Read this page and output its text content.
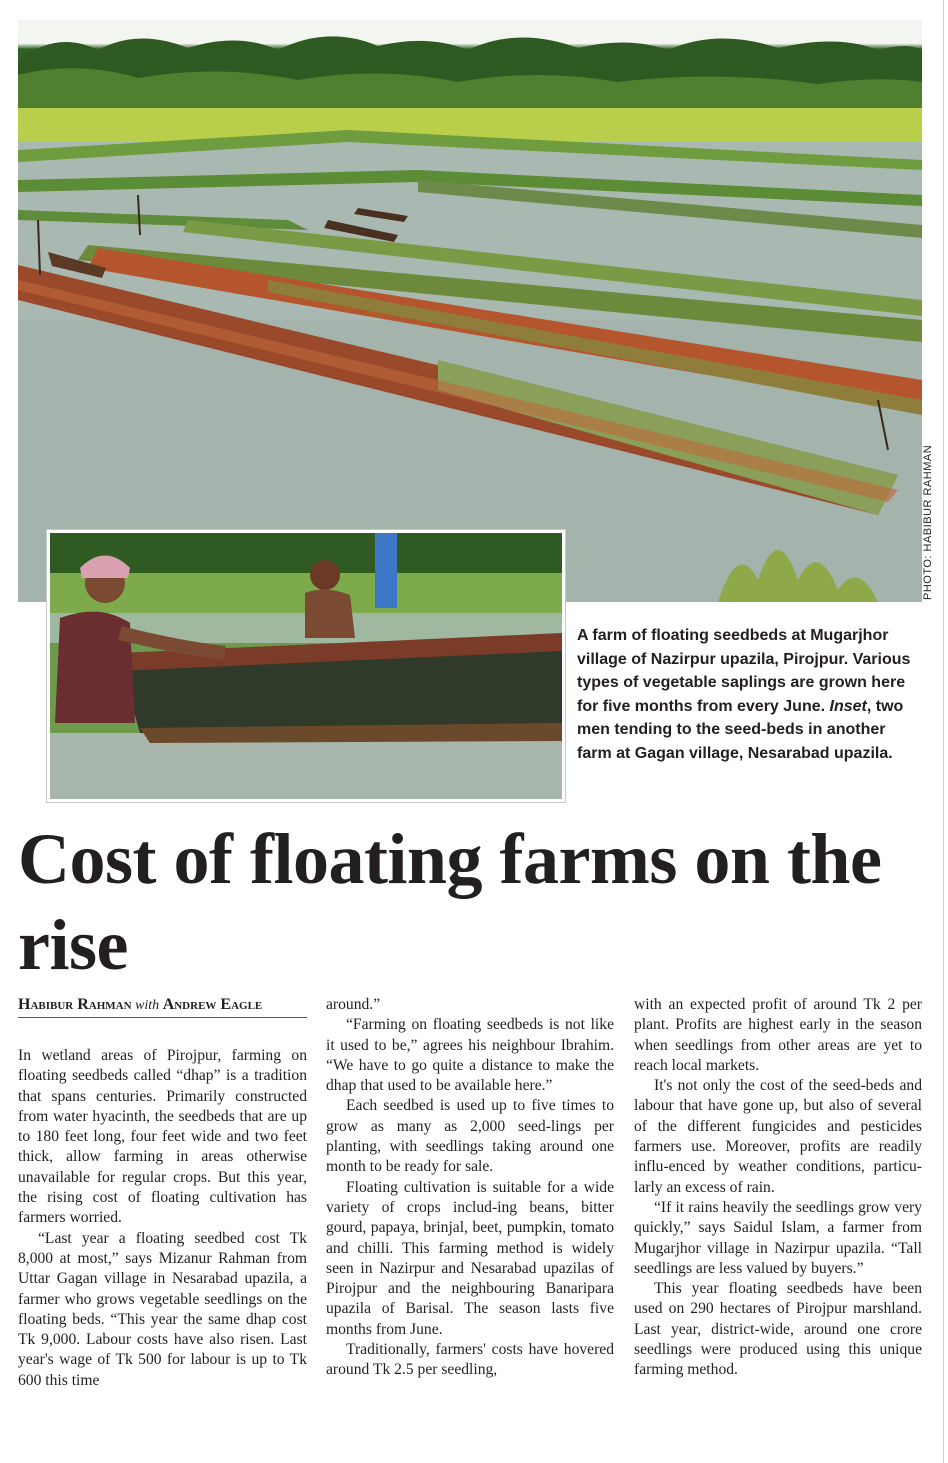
PHOTO: HABIBUR RAHMAN
A farm of floating seedbeds at Mugarjhor village of Nazirpur upazila, Pirojpur. Various types of vegetable saplings are grown here for five months from every June. Inset, two men tending to the seed-beds in another farm at Gagan village, Nesarabad upazila.
Cost of floating farms on the rise
Habibur Rahman with Andrew Eagle

In wetland areas of Pirojpur, farming on floating seedbeds called “dhap” is a tradition that spans centuries. Primarily constructed from water hyacinth, the seedbeds that are up to 180 feet long, four feet wide and two feet thick, allow farming in areas otherwise unavailable for regular crops. But this year, the rising cost of floating cultivation has farmers worried.

“Last year a floating seedbed cost Tk 8,000 at most,” says Mizanur Rahman from Uttar Gagan village in Nesarabad upazila, a farmer who grows vegetable seedlings on the floating beds. “This year the same dhap cost Tk 9,000. Labour costs have also risen. Last year's wage of Tk 500 for labour is up to Tk 600 this time

around.”

“Farming on floating seedbeds is not like it used to be,” agrees his neighbour Ibrahim. “We have to go quite a distance to make the dhap that used to be available here.”

Each seedbed is used up to five times to grow as many as 2,000 seed-lings per planting, with seedlings taking around one month to be ready for sale.

Floating cultivation is suitable for a wide variety of crops includ-ing beans, bitter gourd, papaya, brinjal, beet, pumpkin, tomato and chilli. This farming method is widely seen in Nazirpur and Nesarabad upazilas of Pirojpur and the neighbouring Banaripara upazila of Barisal. The season lasts five months from June.

Traditionally, farmers' costs have hovered around Tk 2.5 per seedling,

with an expected profit of around Tk 2 per plant. Profits are highest early in the season when seedlings from other areas are yet to reach local markets.

It's not only the cost of the seed-beds and labour that have gone up, but also of several of the different fungicides and pesticides farmers use. Moreover, profits are readily influ-enced by weather conditions, particu-larly an excess of rain.

“If it rains heavily the seedlings grow very quickly,” says Saidul Islam, a farmer from Mugarjhor village in Nazirpur upazila. “Tall seedlings are less valued by buyers.”

This year floating seedbeds have been used on 290 hectares of Pirojpur marshland. Last year, district-wide, around one crore seedlings were produced using this unique farming method.
